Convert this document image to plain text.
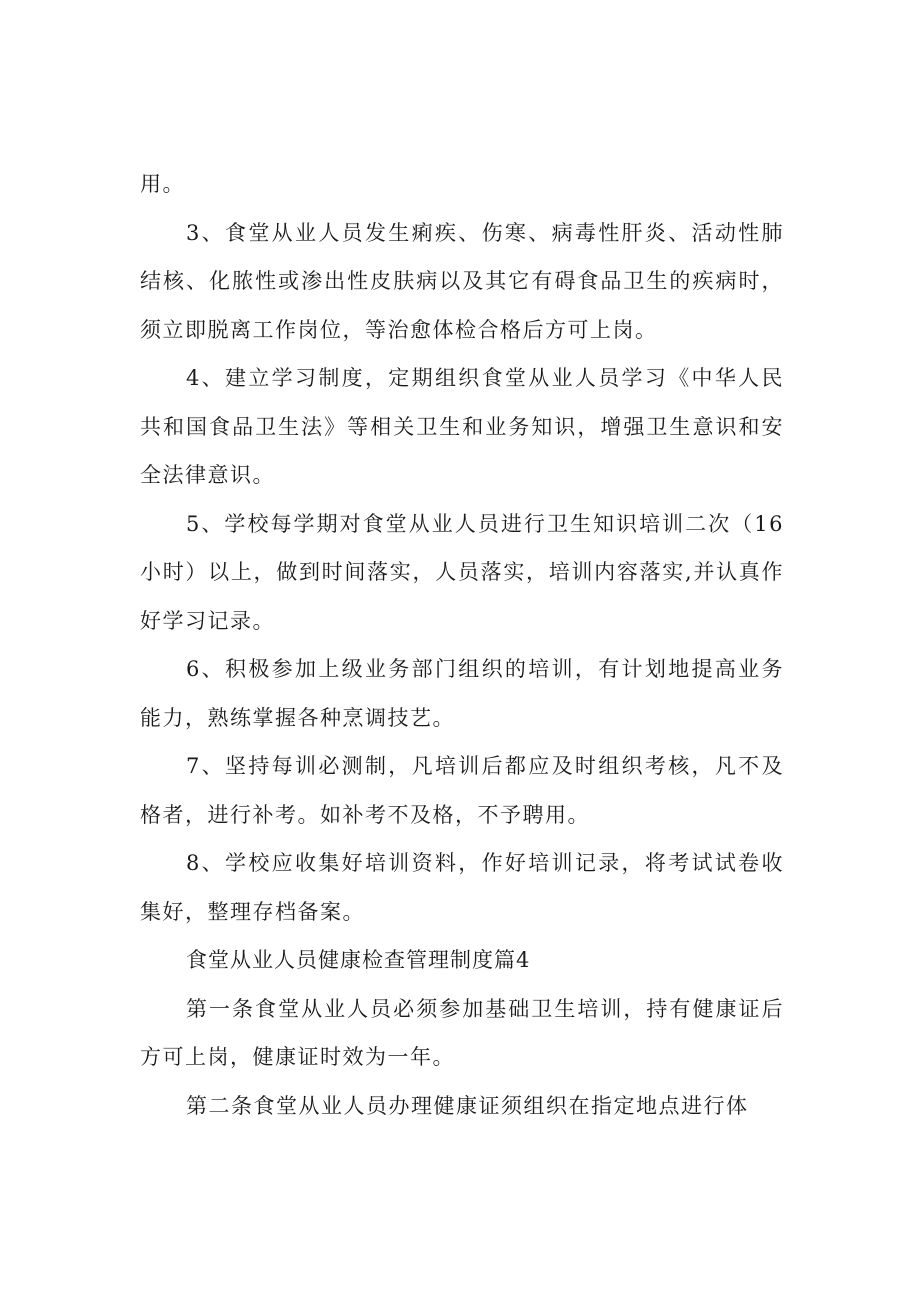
用。

3、食堂从业人员发生痢疾、伤寒、病毒性肝炎、活动性肺结核、化脓性或渗出性皮肤病以及其它有碍食品卫生的疾病时，须立即脱离工作岗位，等治愈体检合格后方可上岗。

4、建立学习制度，定期组织食堂从业人员学习《中华人民共和国食品卫生法》等相关卫生和业务知识，增强卫生意识和安全法律意识。

5、学校每学期对食堂从业人员进行卫生知识培训二次（16小时）以上，做到时间落实，人员落实，培训内容落实,并认真作好学习记录。

6、积极参加上级业务部门组织的培训，有计划地提高业务能力，熟练掌握各种烹调技艺。

7、坚持每训必测制，凡培训后都应及时组织考核，凡不及格者，进行补考。如补考不及格，不予聘用。

8、学校应收集好培训资料，作好培训记录，将考试试卷收集好，整理存档备案。

食堂从业人员健康检查管理制度篇4

第一条食堂从业人员必须参加基础卫生培训，持有健康证后方可上岗，健康证时效为一年。

第二条食堂从业人员办理健康证须组织在指定地点进行体
